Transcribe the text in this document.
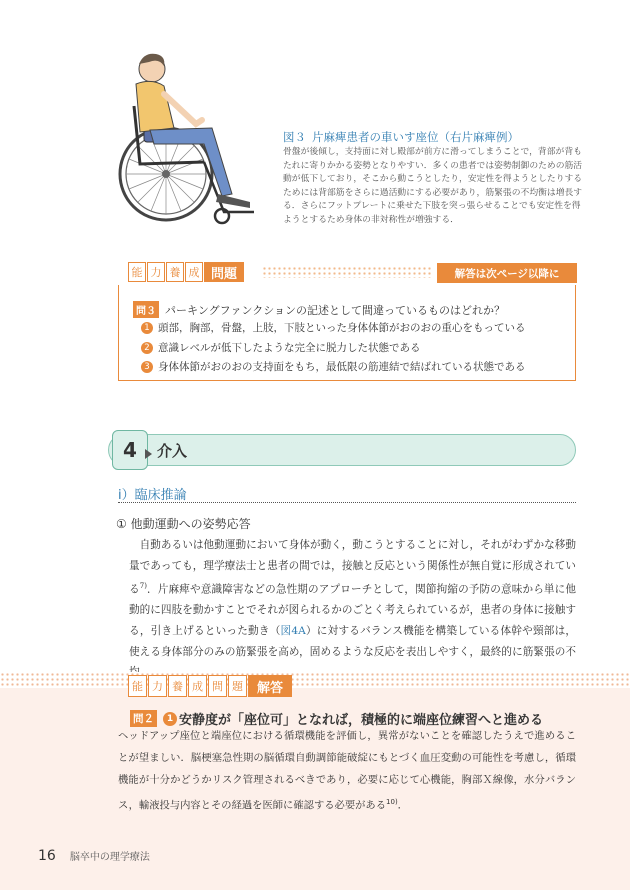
図３ 片麻痺患者の車いす座位（右片麻痺例）
骨盤が後傾し，支持面に対し殿部が前方に滑ってしまうことで，背部が背もたれに寄りかかる姿勢となりやすい．多くの患者では姿勢制御のための筋活動が低下しており，そこから動こうとしたり，安定性を得ようとしたりするためには背部筋をさらに過活動にする必要があり，筋緊張の不均衡は増長する．さらにフットプレートに乗せた下肢を突っ張らせることでも安定性を得ようとするため身体の非対称性が増強する．
能 力 養 成 問題	解答は次ページ以降に
問３ パーキングファンクションの記述として間違っているものはどれか？
1 頭部，胸部，骨盤，上肢，下肢といった身体体節がおのおの重心をもっている
2 意識レベルが低下したような完全に脱力した状態である
3 身体体節がおのおの支持面をもち，最低限の筋連結で結ばれている状態である
4	介入
ⅰ）臨床推論
① 他動運動への姿勢応答
自動あるいは他動運動において身体が動く，動こうとすることに対し，それがわずかな移動量であっても，理学療法士と患者の間では，接触と反応という関係性が無自覚に形成されている$^{7)}$．片麻痺や意識障害などの急性期のアプローチとして，関節拘縮の予防の意味から単に他動的に四肢を動かすことでそれが図られるかのごとく考えられているが，患者の身体に接触する，引き上げるといった動き（図4A）に対するバランス機能を構築している体幹や頸部は，使える身体部分のみの筋緊張を高め，固めるような反応を表出しやすく，最終的に筋緊張の不
能 力 養 成 問 題	解答
問２	1 安静度が「座位可」となれば，積極的に端座位練習へと進める
ヘッドアップ座位と端座位における循環機能を評価し，異常がないことを確認したうえで進めることが望ましい．脳梗塞急性期の脳循環自動調節能破綻にもとづく血圧変動の可能性を考慮し，循環機能が十分かどうかリスク管理されるべきであり，必要に応じて心機能，胸部Ｘ線像，水分バランス，輸液投与内容とその経過を医師に確認する必要がある$^{10)}$．
16 脳卒中の理学療法
